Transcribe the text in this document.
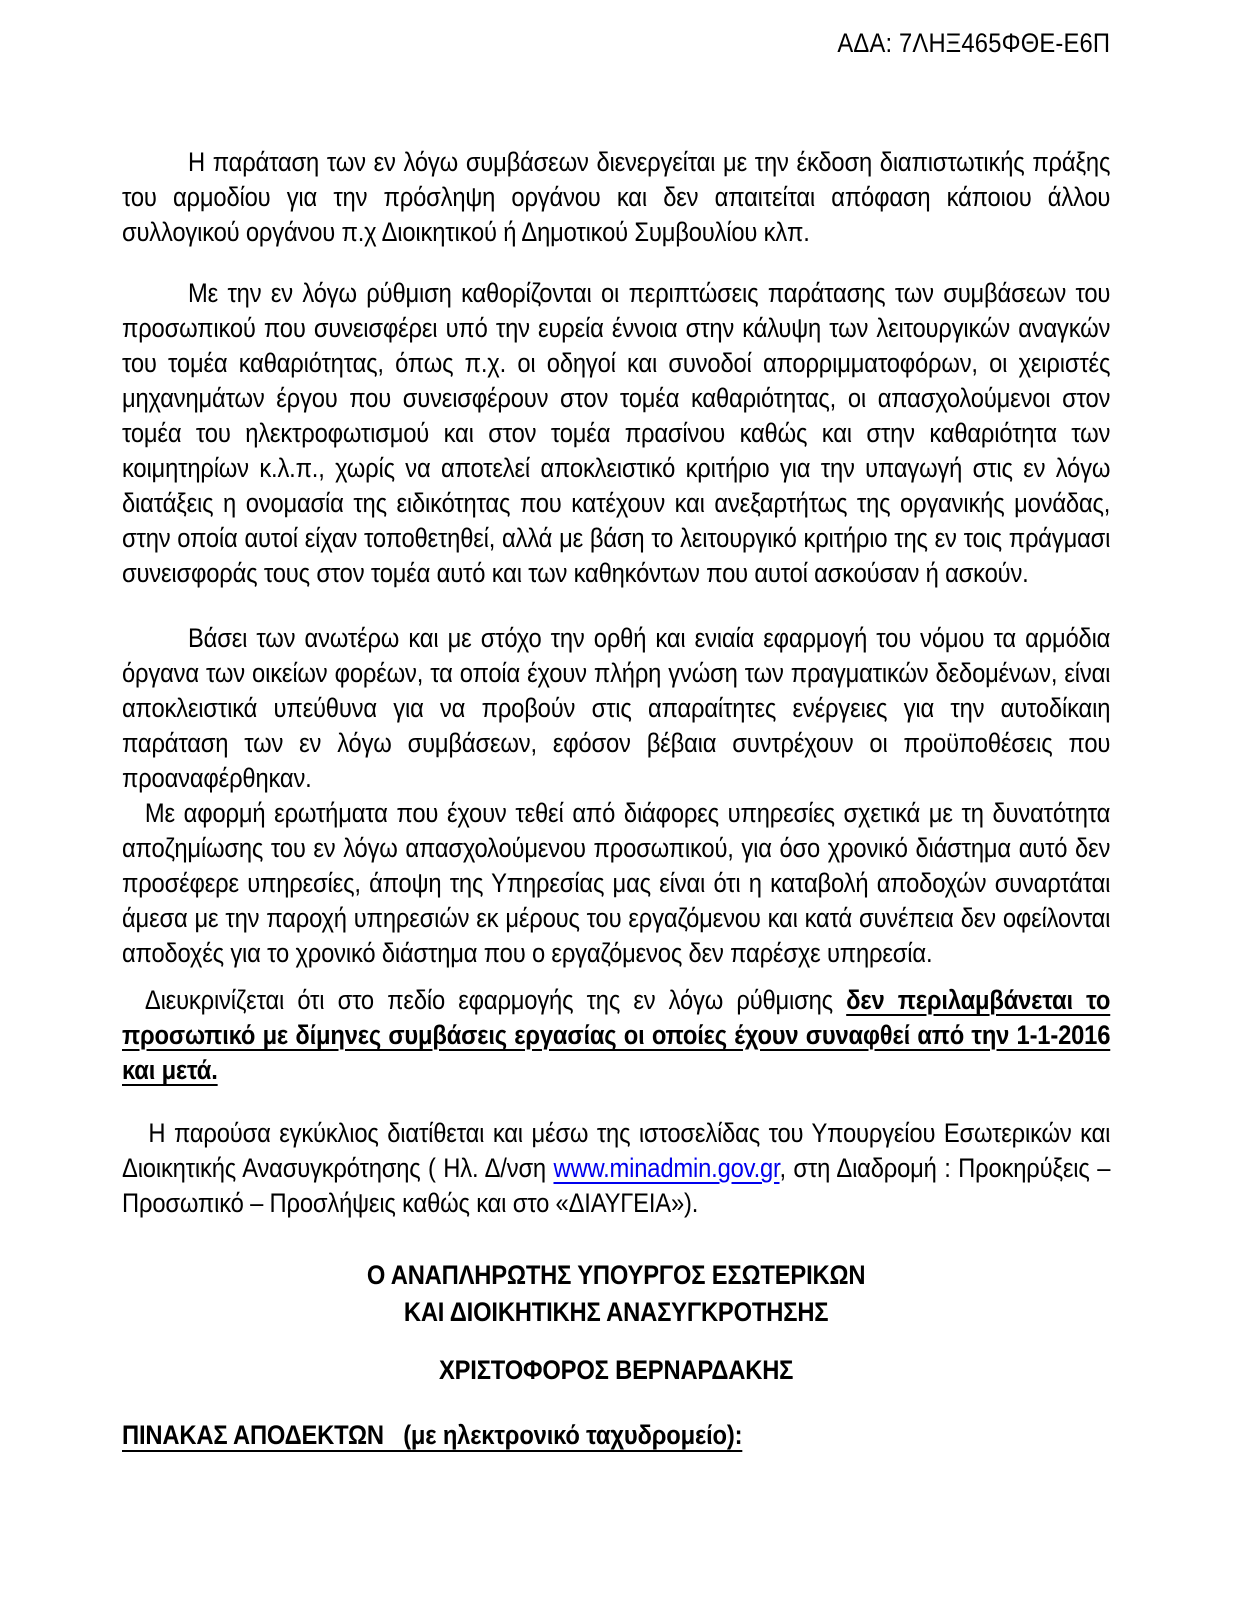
ΑΔΑ: 7ΛΗΞ465ΦΘΕ-Ε6Π

Η παράταση των εν λόγω συμβάσεων διενεργείται με την έκδοση διαπιστωτικής πράξης του αρμοδίου για την πρόσληψη οργάνου και δεν απαιτείται απόφαση κάποιου άλλου συλλογικού οργάνου π.χ Διοικητικού ή Δημοτικού Συμβουλίου κλπ.

Με την εν λόγω ρύθμιση καθορίζονται οι περιπτώσεις παράτασης των συμβάσεων του προσωπικού που συνεισφέρει υπό την ευρεία έννοια στην κάλυψη των λειτουργικών αναγκών του τομέα καθαριότητας, όπως π.χ. οι οδηγοί και συνοδοί απορριμματοφόρων, οι χειριστές μηχανημάτων έργου που συνεισφέρουν στον τομέα καθαριότητας, οι απασχολούμενοι στον τομέα του ηλεκτροφωτισμού και στον τομέα πρασίνου καθώς και στην καθαριότητα των κοιμητηρίων κ.λ.π., χωρίς να αποτελεί αποκλειστικό κριτήριο για την υπαγωγή στις εν λόγω διατάξεις η ονομασία της ειδικότητας που κατέχουν και ανεξαρτήτως της οργανικής μονάδας, στην οποία αυτοί είχαν τοποθετηθεί, αλλά με βάση το λειτουργικό κριτήριο της εν τοις πράγμασι συνεισφοράς τους στον τομέα αυτό και των καθηκόντων που αυτοί ασκούσαν ή ασκούν.

Βάσει των ανωτέρω και με στόχο την ορθή και ενιαία εφαρμογή του νόμου τα αρμόδια όργανα των οικείων φορέων, τα οποία έχουν πλήρη γνώση των πραγματικών δεδομένων, είναι αποκλειστικά υπεύθυνα για να προβούν στις απαραίτητες ενέργειες για την αυτοδίκαιη παράταση των εν λόγω συμβάσεων, εφόσον βέβαια συντρέχουν οι προϋποθέσεις που προαναφέρθηκαν.

Με αφορμή ερωτήματα που έχουν τεθεί από διάφορες υπηρεσίες σχετικά με τη δυνατότητα αποζημίωσης του εν λόγω απασχολούμενου προσωπικού, για όσο χρονικό διάστημα αυτό δεν προσέφερε υπηρεσίες, άποψη της Υπηρεσίας μας είναι ότι η καταβολή αποδοχών συναρτάται άμεσα με την παροχή υπηρεσιών εκ μέρους του εργαζόμενου και κατά συνέπεια δεν οφείλονται αποδοχές για το χρονικό διάστημα που ο εργαζόμενος δεν παρέσχε υπηρεσία.

Διευκρινίζεται ότι στο πεδίο εφαρμογής της εν λόγω ρύθμισης δεν περιλαμβάνεται το προσωπικό με δίμηνες συμβάσεις εργασίας οι οποίες έχουν συναφθεί από την 1-1-2016 και μετά.

Η παρούσα εγκύκλιος διατίθεται και μέσω της ιστοσελίδας του Υπουργείου Εσωτερικών και Διοικητικής Ανασυγκρότησης ( Ηλ. Δ/νση www.minadmin.gov.gr, στη Διαδρομή : Προκηρύξεις – Προσωπικό – Προσλήψεις καθώς και στο «ΔΙΑΥΓΕΙΑ»).

Ο ΑΝΑΠΛΗΡΩΤΗΣ ΥΠΟΥΡΓΟΣ ΕΣΩΤΕΡΙΚΩΝ
ΚΑΙ ΔΙΟΙΚΗΤΙΚΗΣ ΑΝΑΣΥΓΚΡΟΤΗΣΗΣ
ΧΡΙΣΤΟΦΟΡΟΣ ΒΕΡΝΑΡΔΑΚΗΣ
ΠΙΝΑΚΑΣ ΑΠΟΔΕΚΤΩΝ   (με ηλεκτρονικό ταχυδρομείο):
